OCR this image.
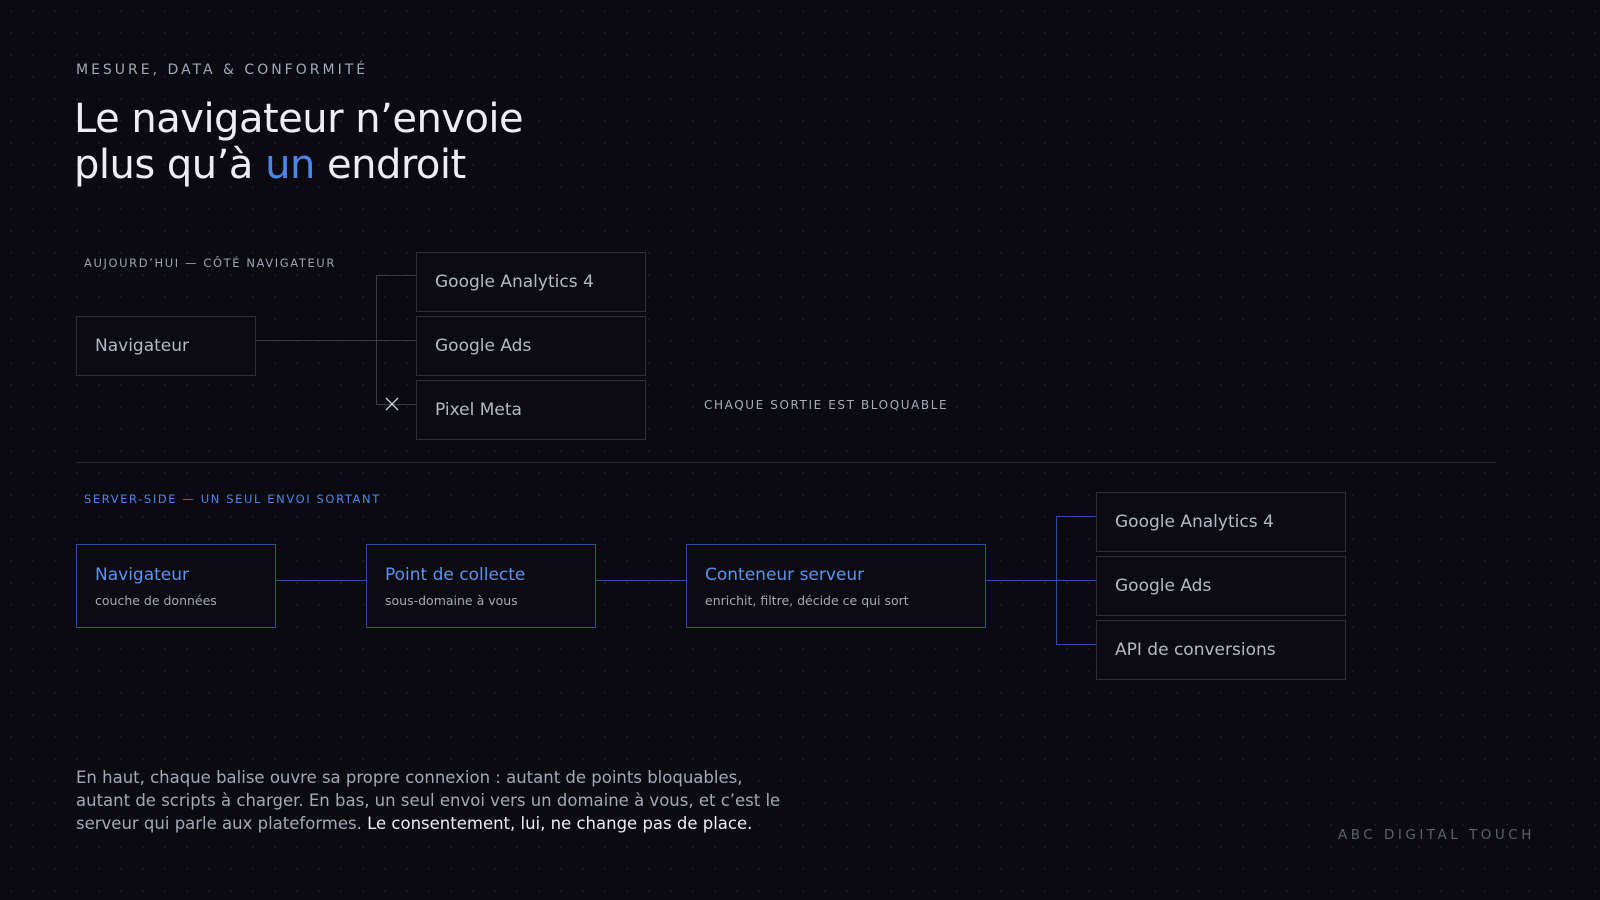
MESURE, DATA & CONFORMITÉ
Le navigateur n’envoie
plus qu’à un endroit
AUJOURD’HUI — CÔTÉ NAVIGATEUR
Navigateur
Google Analytics 4
Google Ads
Pixel Meta	CHAQUE SORTIE EST BLOQUABLE
SERVER-SIDE — UN SEUL ENVOI SORTANT
Navigateur
couche de données
Point de collecte
sous-domaine à vous
Conteneur serveur
enrichit, filtre, décide ce qui sort
Google Analytics 4
Google Ads
API de conversions

En haut, chaque balise ouvre sa propre connexion : autant de points bloquables, autant de scripts à charger. En bas, un seul envoi vers un domaine à vous, et c’est le serveur qui parle aux plateformes. Le consentement, lui, ne change pas de place.

ABC DIGITAL TOUCH
